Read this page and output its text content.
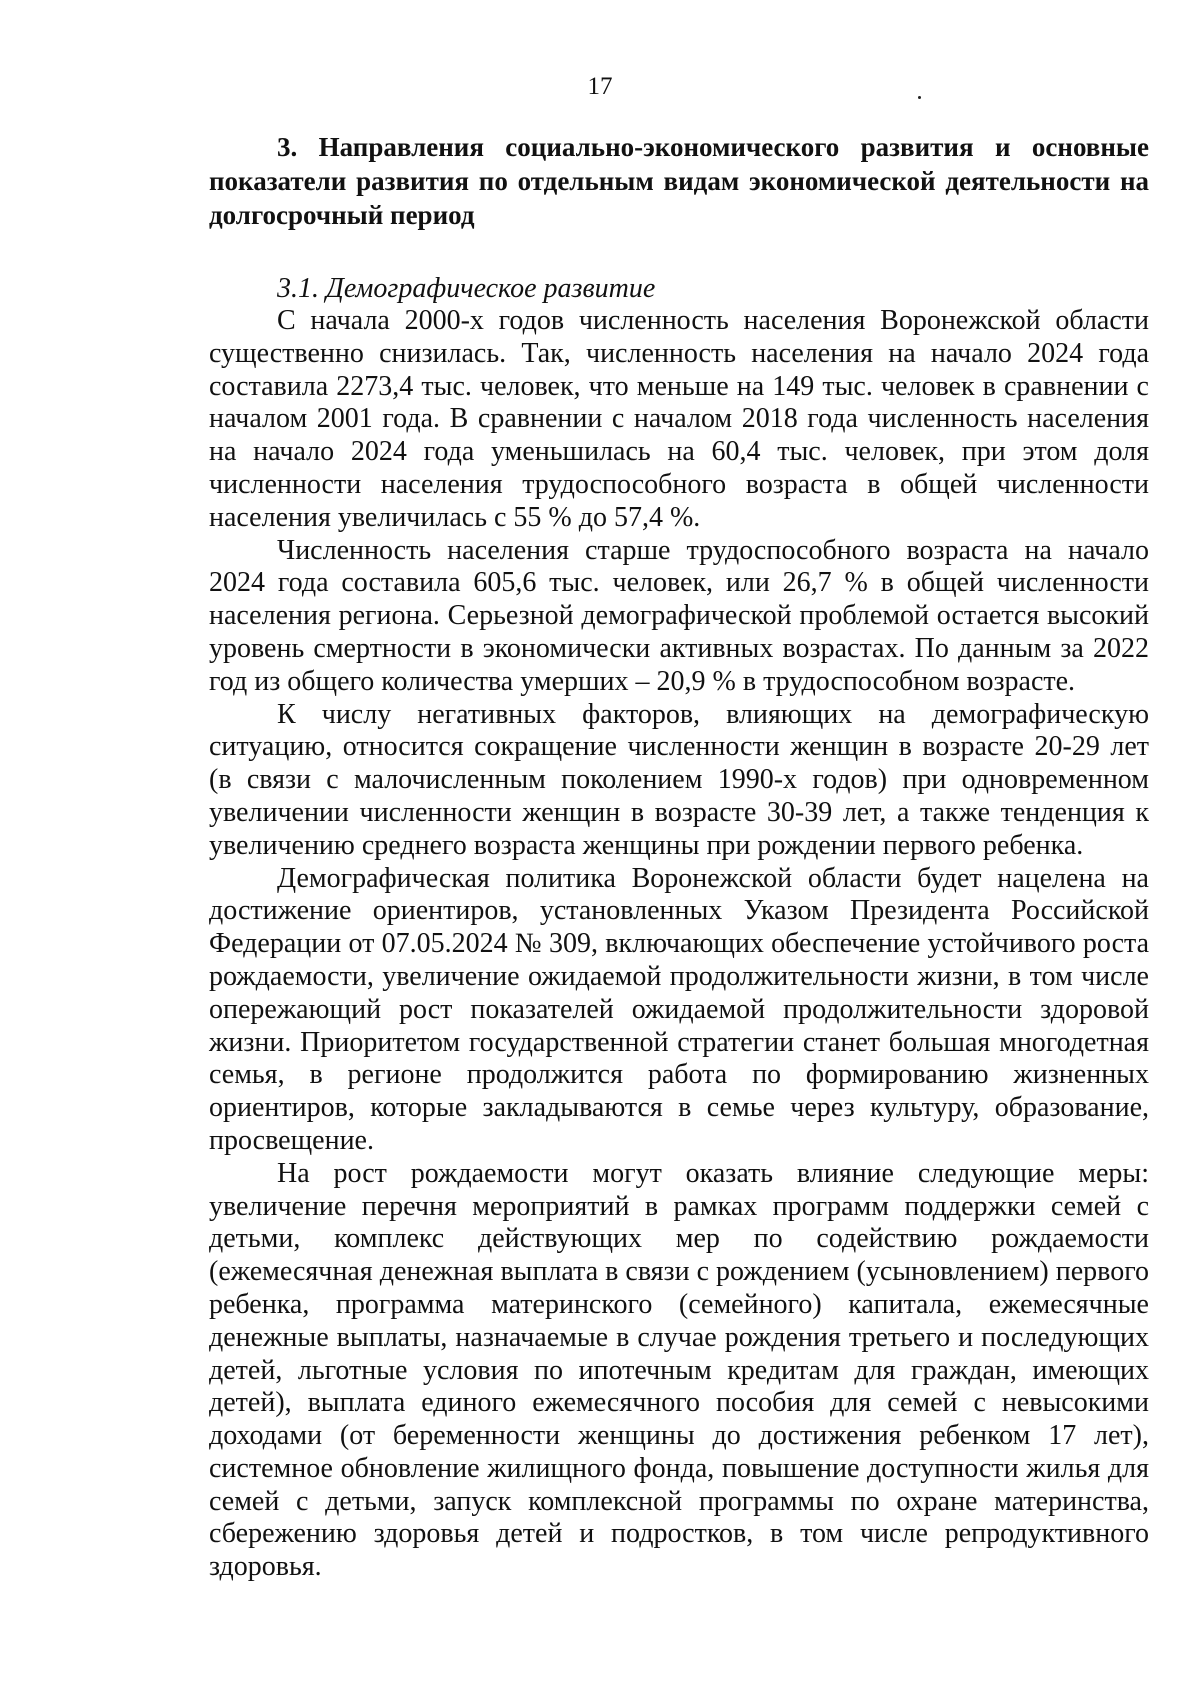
17
3. Направления социально-экономического развития и основные показатели развития по отдельным видам экономической деятельности на долгосрочный период
3.1. Демографическое развитие

С начала 2000-х годов численность населения Воронежской области существенно снизилась. Так, численность населения на начало 2024 года составила 2273,4 тыс. человек, что меньше на 149 тыс. человек в сравнении с началом 2001 года. В сравнении с началом 2018 года численность населения на начало 2024 года уменьшилась на 60,4 тыс. человек, при этом доля численности населения трудоспособного возраста в общей численности населения увеличилась с 55 % до 57,4 %.

Численность населения старше трудоспособного возраста на начало 2024 года составила 605,6 тыс. человек, или 26,7 % в общей численности населения региона. Серьезной демографической проблемой остается высокий уровень смертности в экономически активных возрастах. По данным за 2022 год из общего количества умерших – 20,9 % в трудоспособном возрасте.

К числу негативных факторов, влияющих на демографическую ситуацию, относится сокращение численности женщин в возрасте 20-29 лет (в связи с малочисленным поколением 1990-х годов) при одновременном увеличении численности женщин в возрасте 30-39 лет, а также тенденция к увеличению среднего возраста женщины при рождении первого ребенка.

Демографическая политика Воронежской области будет нацелена на достижение ориентиров, установленных Указом Президента Российской Федерации от 07.05.2024 № 309, включающих обеспечение устойчивого роста рождаемости, увеличение ожидаемой продолжительности жизни, в том числе опережающий рост показателей ожидаемой продолжительности здоровой жизни. Приоритетом государственной стратегии станет большая многодетная семья, в регионе продолжится работа по формированию жизненных ориентиров, которые закладываются в семье через культуру, образование, просвещение.

На рост рождаемости могут оказать влияние следующие меры: увеличение перечня мероприятий в рамках программ поддержки семей с детьми, комплекс действующих мер по содействию рождаемости (ежемесячная денежная выплата в связи с рождением (усыновлением) первого ребенка, программа материнского (семейного) капитала, ежемесячные денежные выплаты, назначаемые в случае рождения третьего и последующих детей, льготные условия по ипотечным кредитам для граждан, имеющих детей), выплата единого ежемесячного пособия для семей с невысокими доходами (от беременности женщины до достижения ребенком 17 лет), системное обновление жилищного фонда, повышение доступности жилья для семей с детьми, запуск комплексной программы по охране материнства, сбережению здоровья детей и подростков, в том числе репродуктивного здоровья.
